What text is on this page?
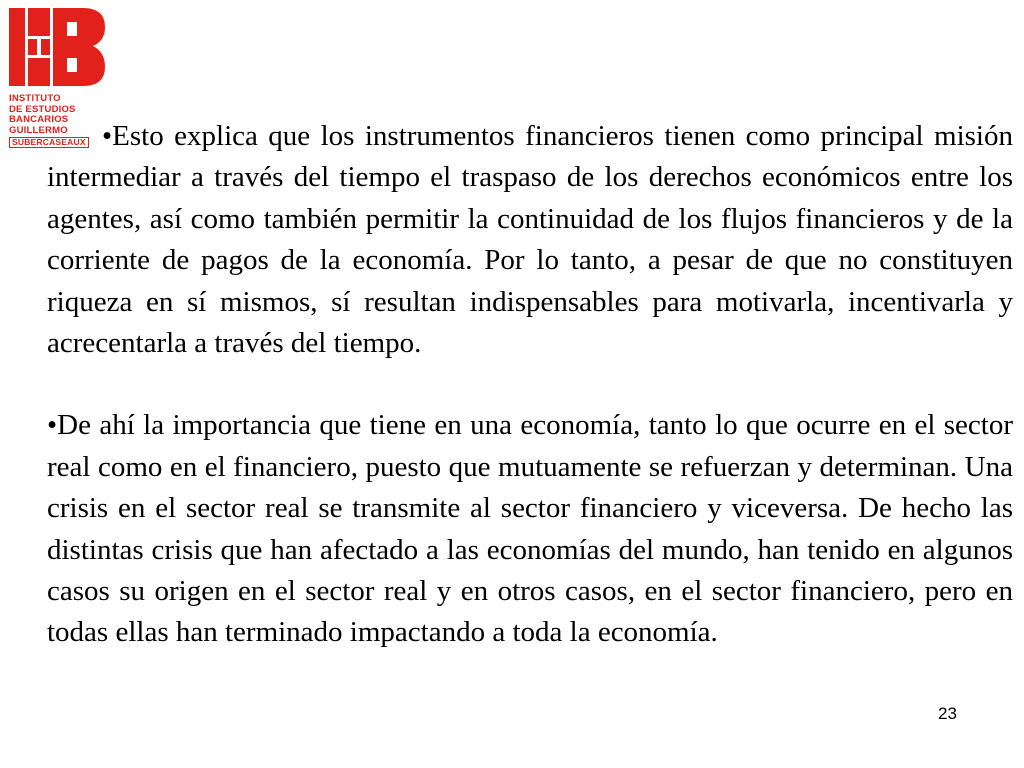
INSTITUTO
DE ESTUDIOS
BANCARIOS
GUILLERMO
SUBERCASEAUX •Esto explica que los instrumentos financieros tienen como principal misión intermediar a través del tiempo el traspaso de los derechos económicos entre los agentes, así como también permitir la continuidad de los flujos financieros y de la corriente de pagos de la economía. Por lo tanto, a pesar de que no constituyen riqueza en sí mismos, sí resultan indispensables para motivarla, incentivarla y acrecentarla a través del tiempo.

•De ahí la importancia que tiene en una economía, tanto lo que ocurre en el sector real como en el financiero, puesto que mutuamente se refuerzan y determinan. Una crisis en el sector real se transmite al sector financiero y viceversa. De hecho las distintas crisis que han afectado a las economías del mundo, han tenido en algunos casos su origen en el sector real y en otros casos, en el sector financiero, pero en todas ellas han terminado impactando a toda la economía.

23
